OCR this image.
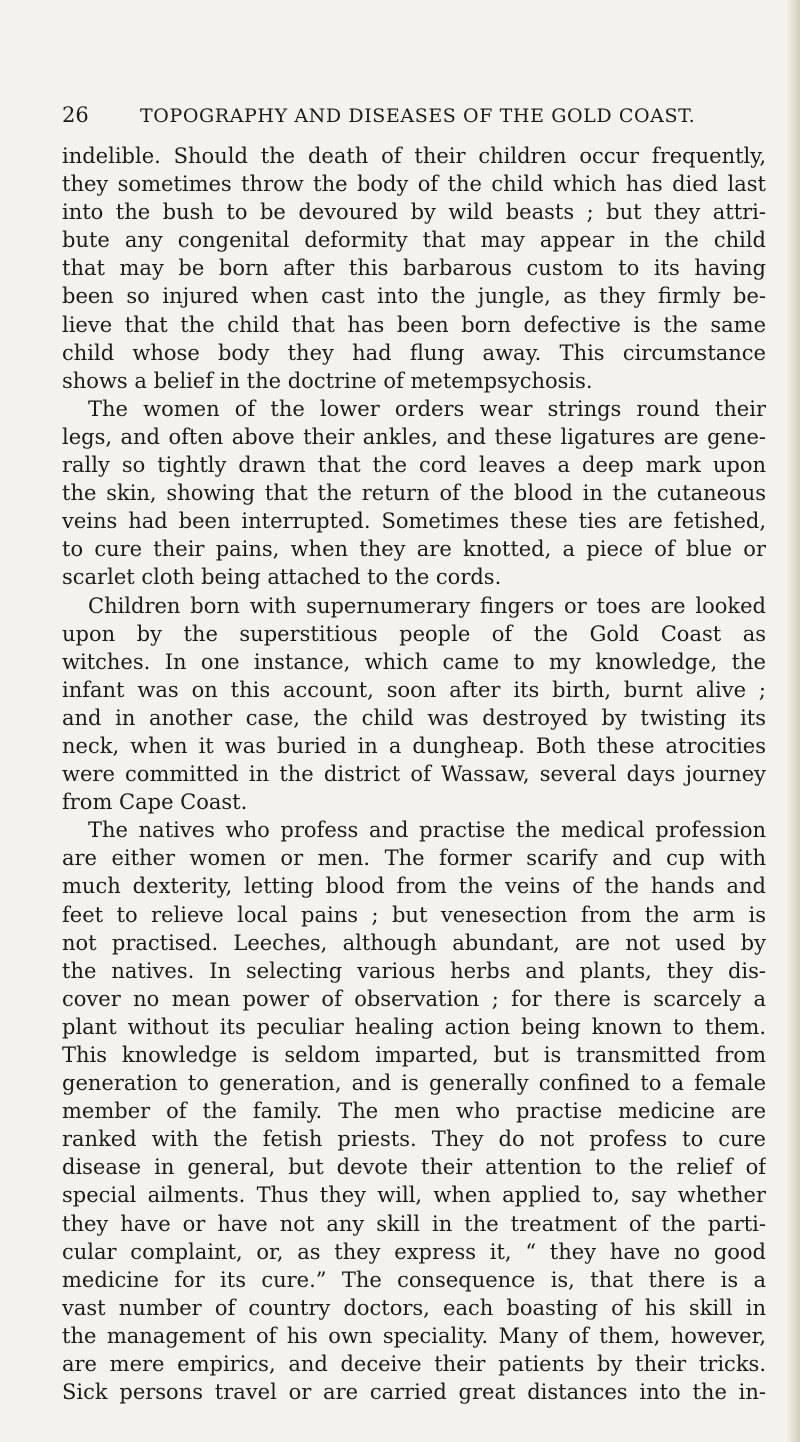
26	TOPOGRAPHY AND DISEASES OF THE GOLD COAST.
indelible. Should the death of their children occur frequently,
they sometimes throw the body of the child which has died last
into the bush to be devoured by wild beasts ; but they attri-
bute any congenital deformity that may appear in the child
that may be born after this barbarous custom to its having
been so injured when cast into the jungle, as they firmly be-
lieve that the child that has been born defective is the same
child whose body they had flung away. This circumstance
shows a belief in the doctrine of metempsychosis.
The women of the lower orders wear strings round their
legs, and often above their ankles, and these ligatures are gene-
rally so tightly drawn that the cord leaves a deep mark upon
the skin, showing that the return of the blood in the cutaneous
veins had been interrupted. Sometimes these ties are fetished,
to cure their pains, when they are knotted, a piece of blue or
scarlet cloth being attached to the cords.
Children born with supernumerary fingers or toes are looked
upon by the superstitious people of the Gold Coast as
witches. In one instance, which came to my knowledge, the
infant was on this account, soon after its birth, burnt alive ;
and in another case, the child was destroyed by twisting its
neck, when it was buried in a dungheap. Both these atrocities
were committed in the district of Wassaw, several days journey
from Cape Coast.
The natives who profess and practise the medical profession
are either women or men. The former scarify and cup with
much dexterity, letting blood from the veins of the hands and
feet to relieve local pains ; but venesection from the arm is
not practised. Leeches, although abundant, are not used by
the natives. In selecting various herbs and plants, they dis-
cover no mean power of observation ; for there is scarcely a
plant without its peculiar healing action being known to them.
This knowledge is seldom imparted, but is transmitted from
generation to generation, and is generally confined to a female
member of the family. The men who practise medicine are
ranked with the fetish priests. They do not profess to cure
disease in general, but devote their attention to the relief of
special ailments. Thus they will, when applied to, say whether
they have or have not any skill in the treatment of the parti-
cular complaint, or, as they express it, “ they have no good
medicine for its cure.” The consequence is, that there is a
vast number of country doctors, each boasting of his skill in
the management of his own speciality. Many of them, however,
are mere empirics, and deceive their patients by their tricks.
Sick persons travel or are carried great distances into the in-
